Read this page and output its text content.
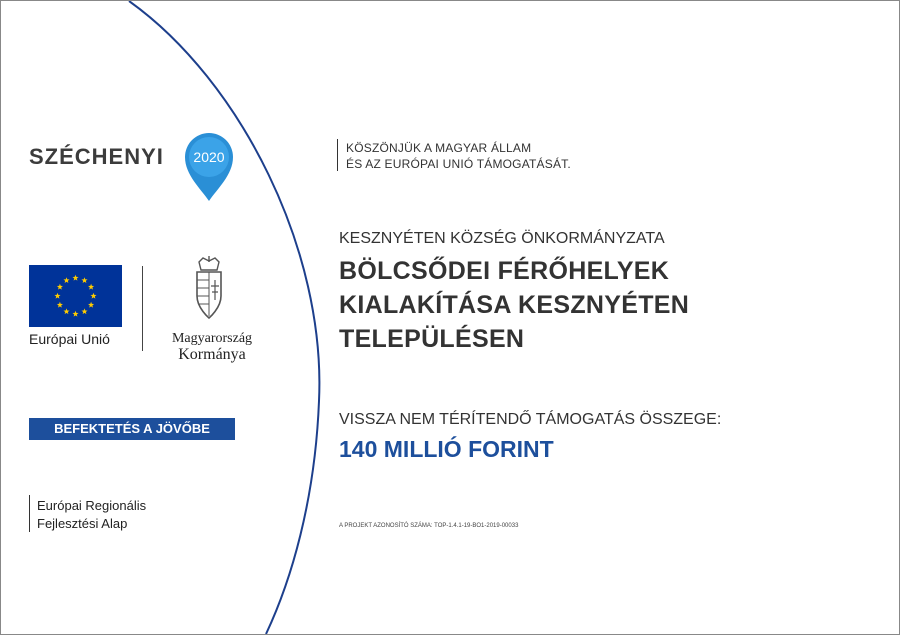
SZÉCHENYI 2020
Európai Unió	Magyarország
Kormánya
BEFEKTETÉS A JÖVŐBE
Európai Regionális
Fejlesztési Alap
KÖSZÖNJÜK A MAGYAR ÁLLAM
ÉS AZ EURÓPAI UNIÓ TÁMOGATÁSÁT.
KESZNYÉTEN KÖZSÉG ÖNKORMÁNYZATA
BÖLCSŐDEI FÉRŐHELYEK
KIALAKÍTÁSA KESZNYÉTEN
TELEPÜLÉSEN
VISSZA NEM TÉRÍTENDŐ TÁMOGATÁS ÖSSZEGE:
140 MILLIÓ FORINT
A PROJEKT AZONOSÍTÓ SZÁMA: TOP-1.4.1-19-BO1-2019-00033
